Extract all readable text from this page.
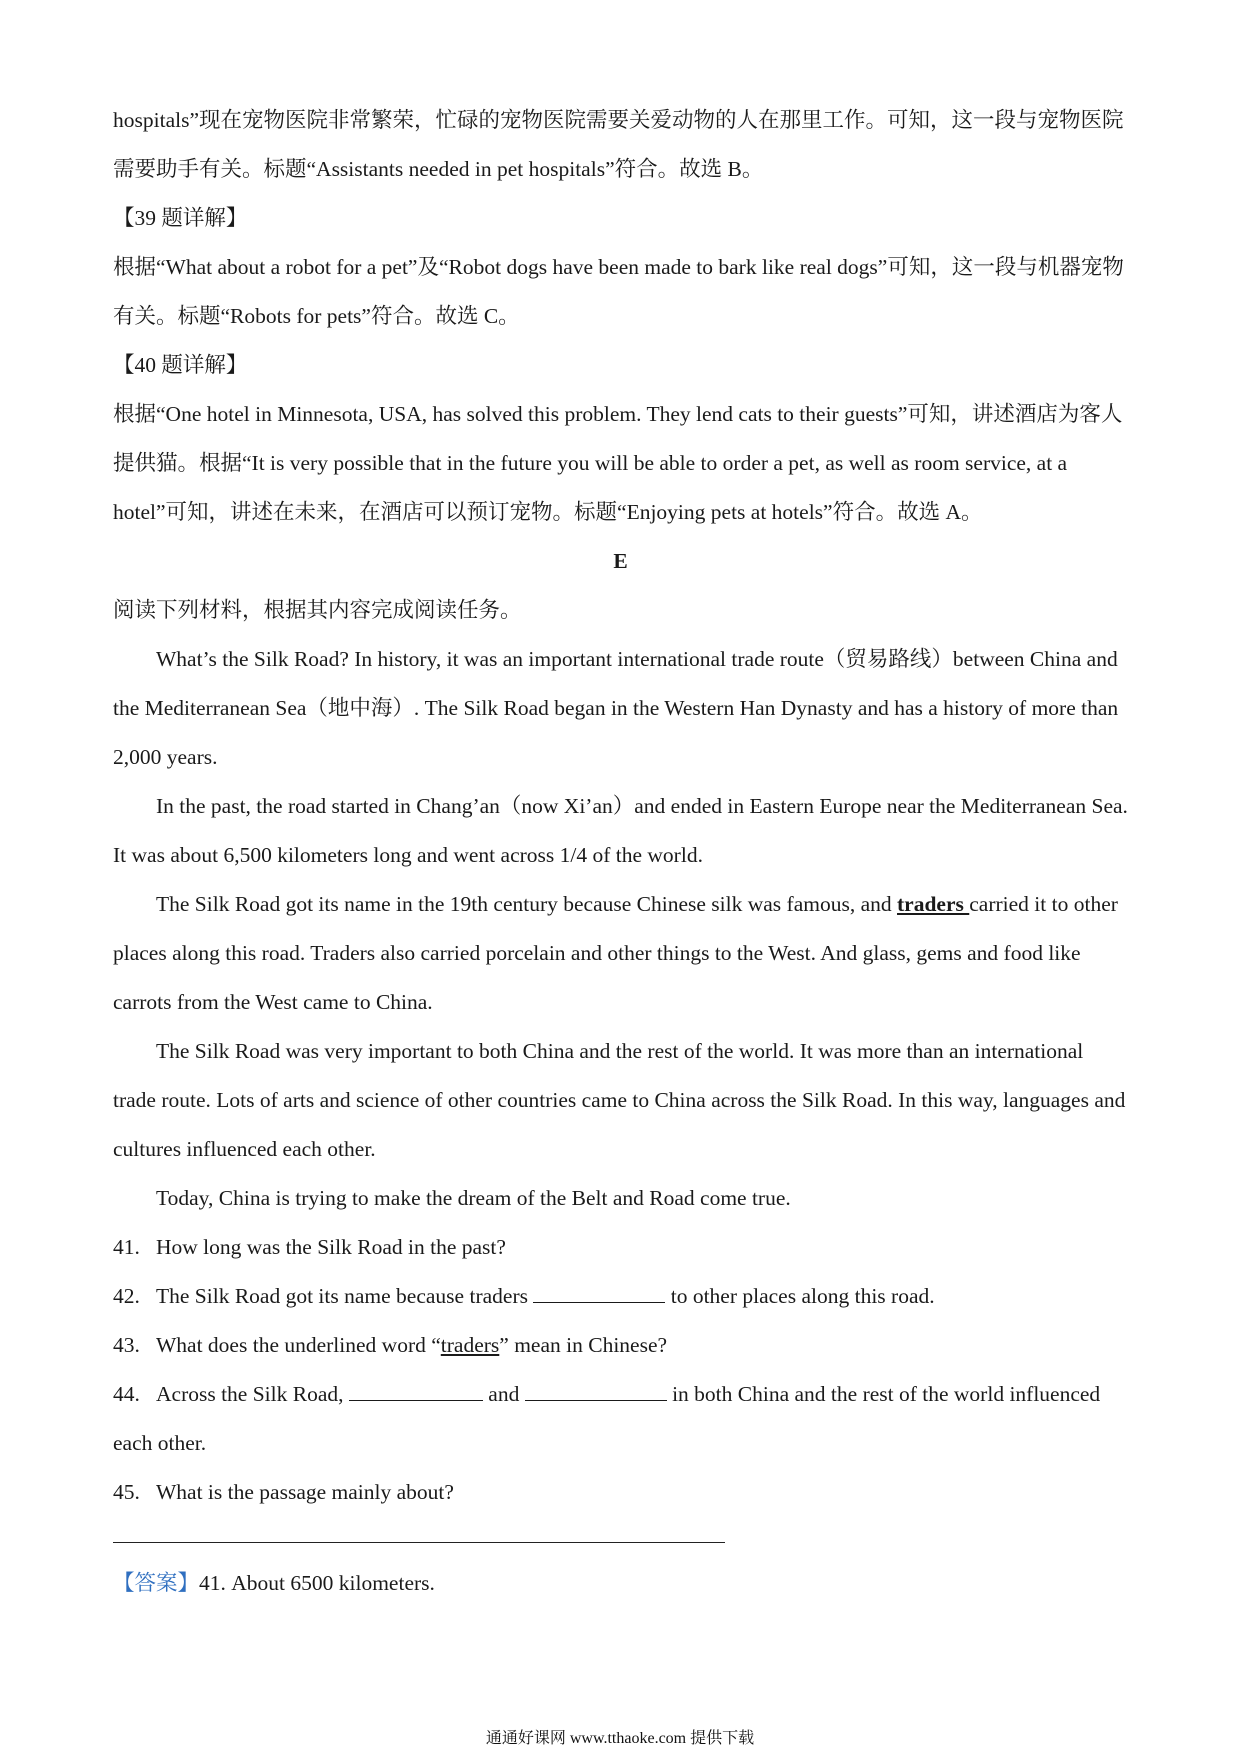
hospitals”现在宠物医院非常繁荣，忙碌的宠物医院需要关爱动物的人在那里工作。可知，这一段与宠物医院需要助手有关。标题“Assistants needed in pet hospitals”符合。故选 B。

【39 题详解】

根据“What about a robot for a pet”及“Robot dogs have been made to bark like real dogs”可知，这一段与机器宠物有关。标题“Robots for pets”符合。故选 C。

【40 题详解】

根据“One hotel in Minnesota, USA, has solved this problem. They lend cats to their guests”可知，讲述酒店为客人提供猫。根据“It is very possible that in the future you will be able to order a pet, as well as room service, at a hotel”可知，讲述在未来，在酒店可以预订宠物。标题“Enjoying pets at hotels”符合。故选 A。

E

阅读下列材料，根据其内容完成阅读任务。

What’s the Silk Road? In history, it was an important international trade route（贸易路线）between China and the Mediterranean Sea（地中海）. The Silk Road began in the Western Han Dynasty and has a history of more than 2,000 years.

In the past, the road started in Chang’an（now Xi’an）and ended in Eastern Europe near the Mediterranean Sea. It was about 6,500 kilometers long and went across 1/4 of the world.

The Silk Road got its name in the 19th century because Chinese silk was famous, and traders carried it to other places along this road. Traders also carried porcelain and other things to the West. And glass, gems and food like carrots from the West came to China.

The Silk Road was very important to both China and the rest of the world. It was more than an international trade route. Lots of arts and science of other countries came to China across the Silk Road. In this way, languages and cultures influenced each other.

Today, China is trying to make the dream of the Belt and Road come true.

41. How long was the Silk Road in the past?
42. The Silk Road got its name because traders	to other places along this road.
43. What does the underlined word “traders” mean in Chinese?

44. Across the Silk Road,	and	in both China and the rest of the world influenced each other.

45. What is the passage mainly about?
【答案】41. About 6500 kilometers.
通通好课网 www.tthaoke.com 提供下载
